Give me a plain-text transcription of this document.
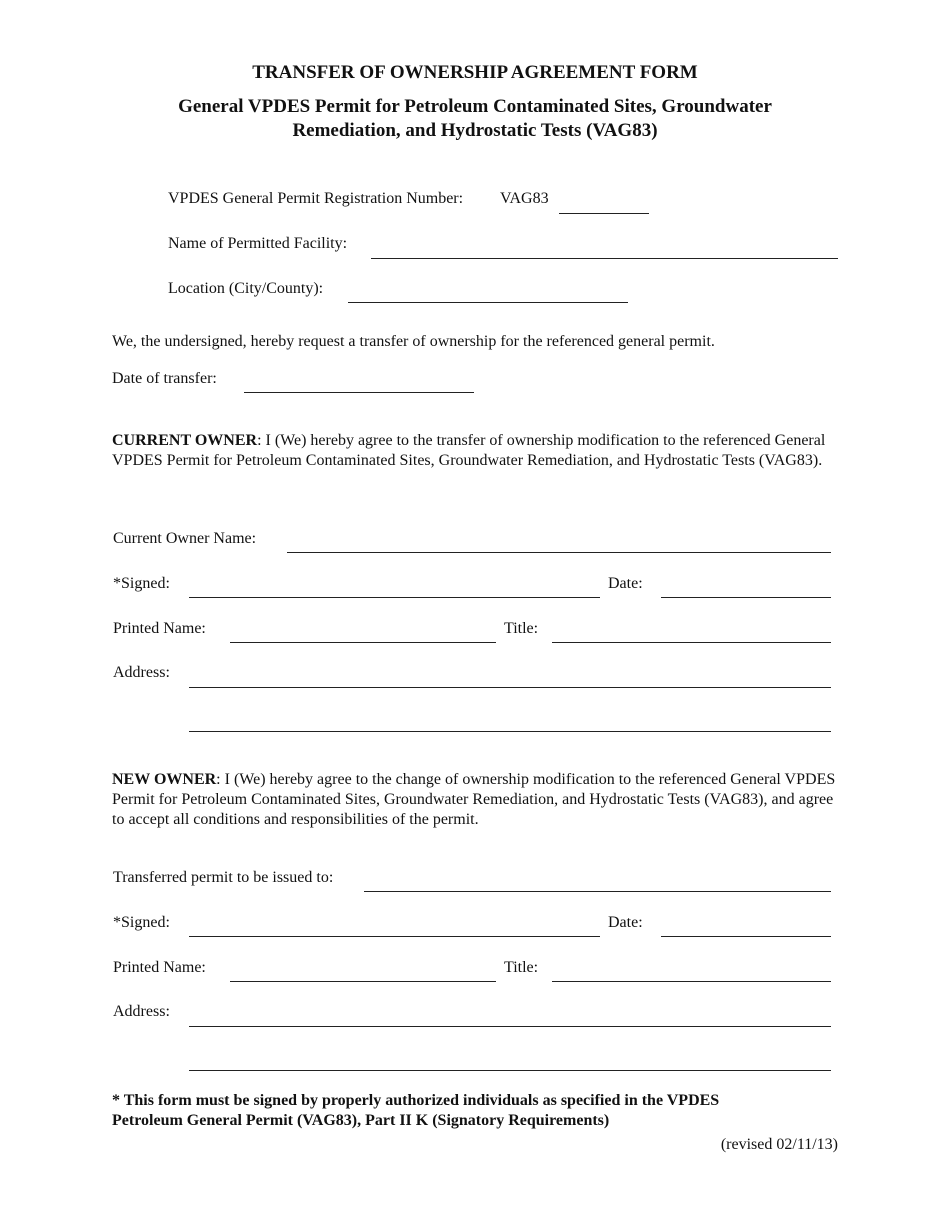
TRANSFER OF OWNERSHIP AGREEMENT FORM
General VPDES Permit for Petroleum Contaminated Sites, Groundwater
Remediation, and Hydrostatic Tests (VAG83)
VPDES General Permit Registration Number: VAG83
Name of Permitted Facility:
Location (City/County):
We, the undersigned, hereby request a transfer of ownership for the referenced general permit.
Date of transfer:
CURRENT OWNER: I (We) hereby agree to the transfer of ownership modification to the referenced General VPDES Permit for Petroleum Contaminated Sites, Groundwater Remediation, and Hydrostatic Tests (VAG83).
Current Owner Name:
*Signed:	Date:
Printed Name:	Title:
Address:
NEW OWNER: I (We) hereby agree to the change of ownership modification to the referenced General VPDES Permit for Petroleum Contaminated Sites, Groundwater Remediation, and Hydrostatic Tests (VAG83), and agree to accept all conditions and responsibilities of the permit.
Transferred permit to be issued to:
*Signed:	Date:
Printed Name:	Title:
Address:
* This form must be signed by properly authorized individuals as specified in the VPDES
Petroleum General Permit (VAG83), Part II K (Signatory Requirements)
(revised 02/11/13)
